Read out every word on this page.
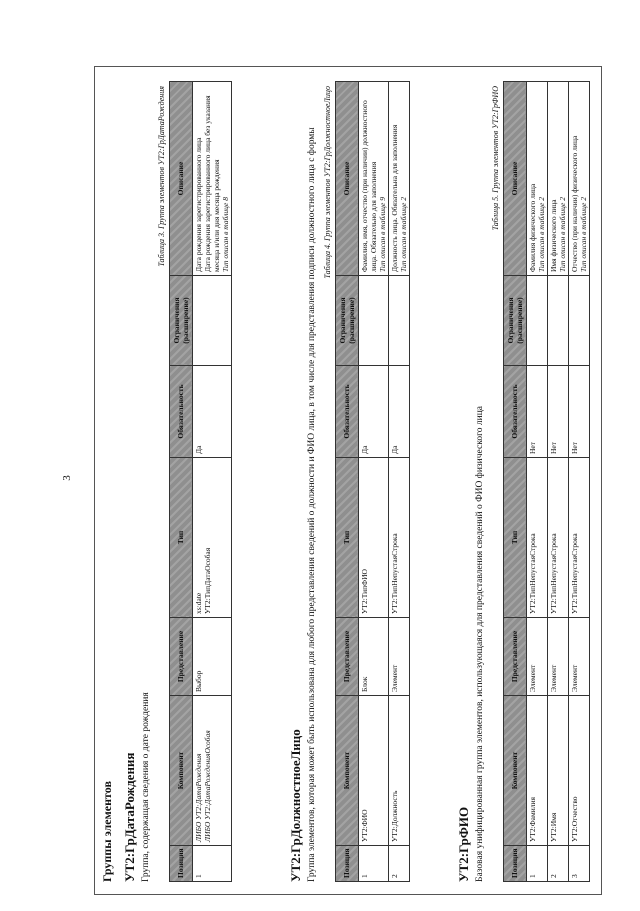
3
Группы элементов УТ2:ГрДатаРождения Группа, содержащая сведения о дате рождения

Таблица 3. Группа элементов УТ2:ГрДатаРождения
Позиция	Компонент	Представление	Тип	Обязательность	Ограничения (расширение)	Описание

1	ЛИБО УТ2:ДатаРождения ЛИБО УТ2:ДатаРожденияОсобая	Выбор	xs:date УТ2:ТипДатаОсобая	Да		Дата рождения зарегистрированного лица Дата рождения зарегистрированного лица без указания месяца и/или дня месяца рождения Тип описан в таблице 8
УТ2:ГрДолжностноеЛицо Группа элементов, которая может быть использована для любого представления сведений о должности и ФИО лица, в том числе для представления подписи должностного лица с формы Таблица 4. Группа элементов УТ2:ГрДолжностноеЛицо
Позиция	Компонент	Представление	Тип	Обязательность	Ограничения (расширение)	Описание

1	УТ2:ФИО	Блок	УТ2:ТипФИО	Да		Фамилия, имя, отчество (при наличии) должностного лица. Обязательно для заполнения Тип описан в таблице 9

2	УТ2:Должность	Элемент	УТ2:ТипНепустаяСтрока	Да		Должность лица. Обязательна для заполнения Тип описан в таблице 2
УТ2:ГрФИО Базовая унифицированная группа элементов, использующаяся для представления сведений о ФИО физического лица

Таблица 5. Группа элементов УТ2:ГрФИО
Позиция	Компонент	Представление	Тип	Обязательность	Ограничения (расширение)	Описание

1	УТ2:Фамилия	Элемент	УТ2:ТипНепустаяСтрока	Нет		Фамилия физического лица Тип описан в таблице 2

2	УТ2:Имя	Элемент	УТ2:ТипНепустаяСтрока	Нет		Имя физического лица Тип описан в таблице 2

3	УТ2:Отчество	Элемент	УТ2:ТипНепустаяСтрока	Нет		Отчество (при наличии) физического лица Тип описан в таблице 2
